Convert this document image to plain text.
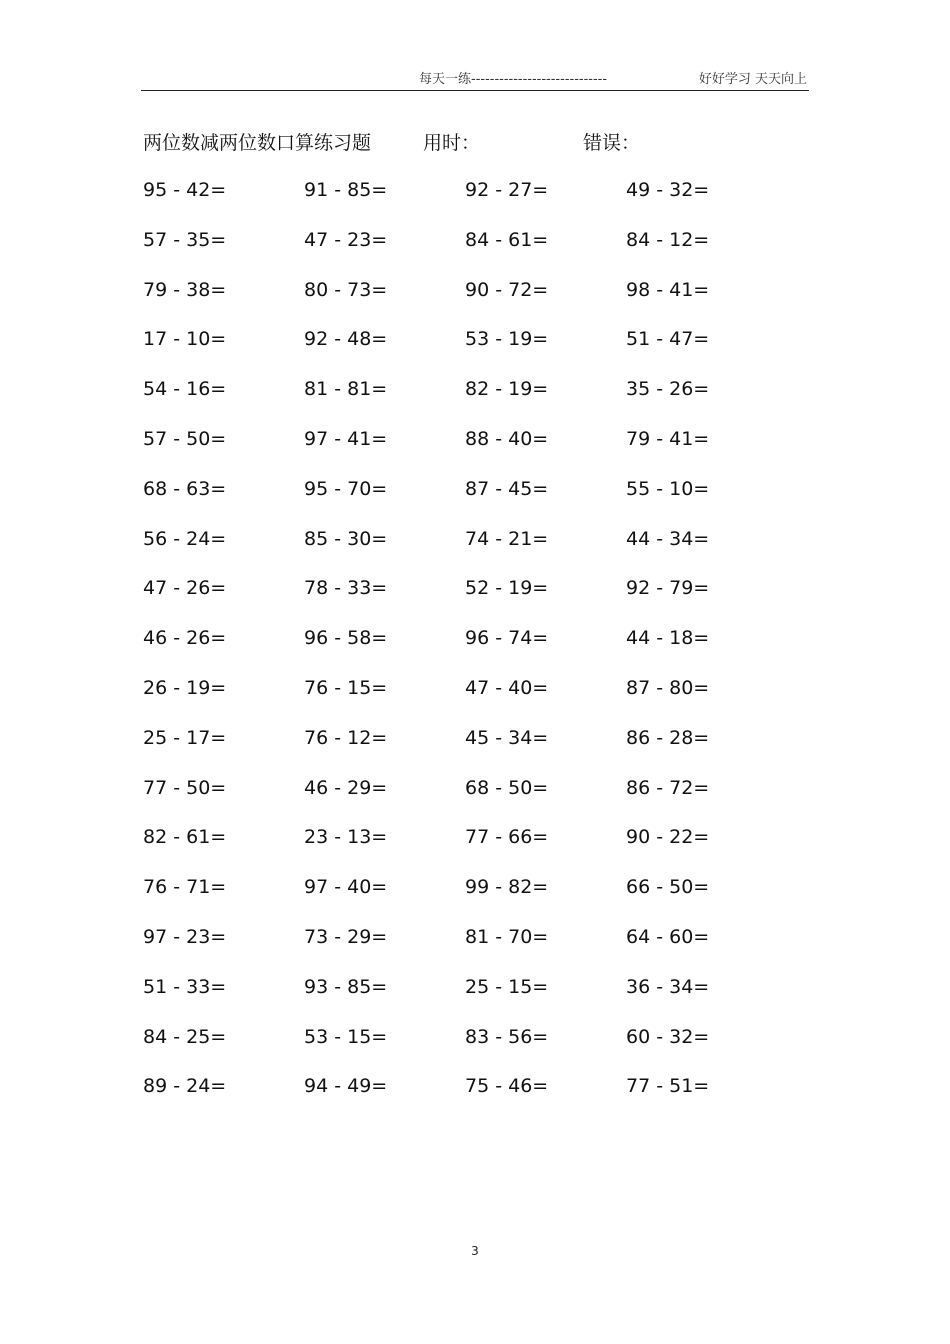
每天一练-----------------------------	好好学习 天天向上
两位数减两位数口算练习题	用时：	错误：
95 - 42=	91 - 85=	92 - 27=	49 - 32=
57 - 35=	47 - 23=	84 - 61=	84 - 12=
79 - 38=	80 - 73=	90 - 72=	98 - 41=
17 - 10=	92 - 48=	53 - 19=	51 - 47=
54 - 16=	81 - 81=	82 - 19=	35 - 26=
57 - 50=	97 - 41=	88 - 40=	79 - 41=
68 - 63=	95 - 70=	87 - 45=	55 - 10=
56 - 24=	85 - 30=	74 - 21=	44 - 34=
47 - 26=	78 - 33=	52 - 19=	92 - 79=
46 - 26=	96 - 58=	96 - 74=	44 - 18=
26 - 19=	76 - 15=	47 - 40=	87 - 80=
25 - 17=	76 - 12=	45 - 34=	86 - 28=
77 - 50=	46 - 29=	68 - 50=	86 - 72=
82 - 61=	23 - 13=	77 - 66=	90 - 22=
76 - 71=	97 - 40=	99 - 82=	66 - 50=
97 - 23=	73 - 29=	81 - 70=	64 - 60=
51 - 33=	93 - 85=	25 - 15=	36 - 34=
84 - 25=	53 - 15=	83 - 56=	60 - 32=
89 - 24=	94 - 49=	75 - 46=	77 - 51=
3
